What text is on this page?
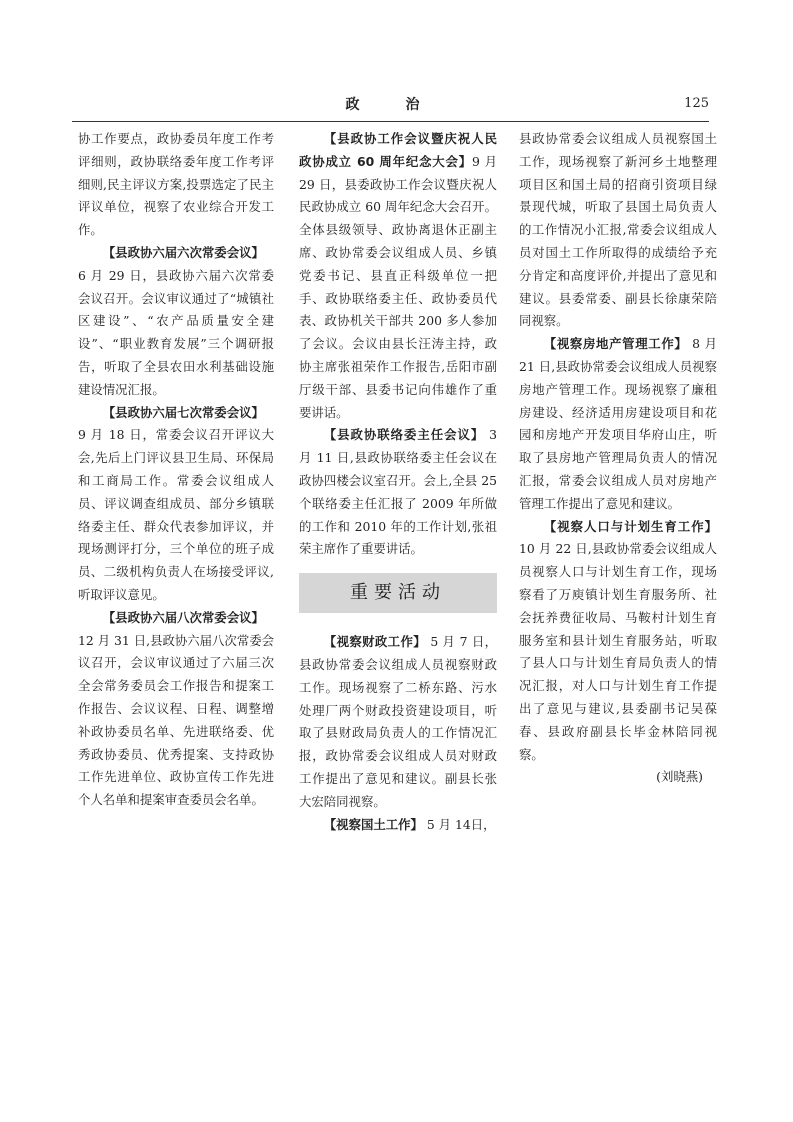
政　治	125

协工作要点，政协委员年度工作考评细则，政协联络委年度工作考评细则,民主评议方案,投票选定了民主评议单位，视察了农业综合开发工作。

【县政协六届六次常委会议】

6 月 29 日，县政协六届六次常委会议召开。会议审议通过了“城镇社区建设”、“农产品质量安全建设”、“职业教育发展”三个调研报告，听取了全县农田水利基础设施建设情况汇报。

【县政协六届七次常委会议】

9 月 18 日，常委会议召开评议大会,先后上门评议县卫生局、环保局和工商局工作。常委会议组成人员、评议调查组成员、部分乡镇联络委主任、群众代表参加评议，并现场测评打分，三个单位的班子成员、二级机构负责人在场接受评议,听取评议意见。

【县政协六届八次常委会议】

12 月 31 日,县政协六届八次常委会议召开，会议审议通过了六届三次全会常务委员会工作报告和提案工作报告、会议议程、日程、调整增补政协委员名单、先进联络委、优秀政协委员、优秀提案、支持政协工作先进单位、政协宣传工作先进个人名单和提案审查委员会名单。

【县政协工作会议暨庆祝人民政协成立 60 周年纪念大会】9 月 29 日，县委政协工作会议暨庆祝人民政协成立 60 周年纪念大会召开。全体县级领导、政协离退休正副主席、政协常委会议组成人员、乡镇党委书记、县直正科级单位一把手、政协联络委主任、政协委员代表、政协机关干部共 200 多人参加了会议。会议由县长汪涛主持，政协主席张祖荣作工作报告,岳阳市副厅级干部、县委书记向伟雄作了重要讲话。

【县政协联络委主任会议】 3 月 11 日,县政协联络委主任会议在政协四楼会议室召开。会上,全县 25 个联络委主任汇报了 2009 年所做的工作和 2010 年的工作计划,张祖荣主席作了重要讲话。

重要活动

【视察财政工作】 5 月 7 日，县政协常委会议组成人员视察财政工作。现场视察了二桥东路、污水处理厂两个财政投资建设项目，听取了县财政局负责人的工作情况汇报，政协常委会议组成人员对财政工作提出了意见和建议。副县长张大宏陪同视察。

【视察国土工作】 5 月 14日，

县政协常委会议组成人员视察国土工作，现场视察了新河乡土地整理项目区和国土局的招商引资项目绿景现代城，听取了县国土局负责人的工作情况小汇报,常委会议组成人员对国土工作所取得的成绩给予充分肯定和高度评价,并提出了意见和建议。县委常委、副县长徐康荣陪同视察。

【视察房地产管理工作】 8 月 21 日,县政协常委会议组成人员视察房地产管理工作。现场视察了廉租房建设、经济适用房建设项目和花园和房地产开发项目华府山庄，听取了县房地产管理局负责人的情况汇报，常委会议组成人员对房地产管理工作提出了意见和建议。

【视察人口与计划生育工作】 10 月 22 日,县政协常委会议组成人员视察人口与计划生育工作，现场察看了万庾镇计划生育服务所、社会抚养费征收局、马鞍村计划生育服务室和县计划生育服务站，听取了县人口与计划生育局负责人的情况汇报，对人口与计划生育工作提出了意见与建议,县委副书记吴葆春、县政府副县长毕金林陪同视察。

(刘晓燕)
